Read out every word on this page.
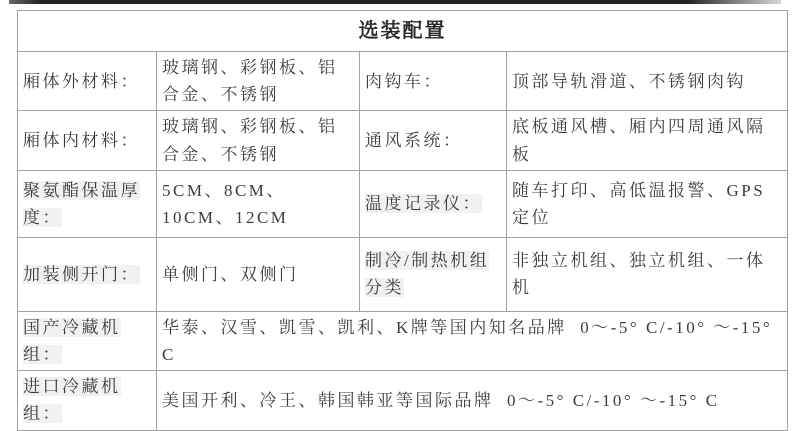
选装配置			
厢体外材料：	玻璃钢、彩钢板、铝合金、不锈钢	肉钩车：	顶部导轨滑道、不锈钢肉钩
厢体内材料：	玻璃钢、彩钢板、铝合金、不锈钢	通风系统：	底板通风槽、厢内四周通风隔板
聚氨酯保温厚度：	5CM、8CM、10CM、12CM	温度记录仪：	随车打印、高低温报警、GPS定位
加装侧开门：	单侧门、双侧门	制冷/制热机组分类	非独立机组、独立机组、一体机
国产冷藏机组：	华泰、汉雪、凯雪、凯利、K牌等国内知名品牌  0～-5° C/-10° ～-15° C		
进口冷藏机组：	美国开利、冷王、韩国韩亚等国际品牌  0～-5° C/-10° ～-15° C		
